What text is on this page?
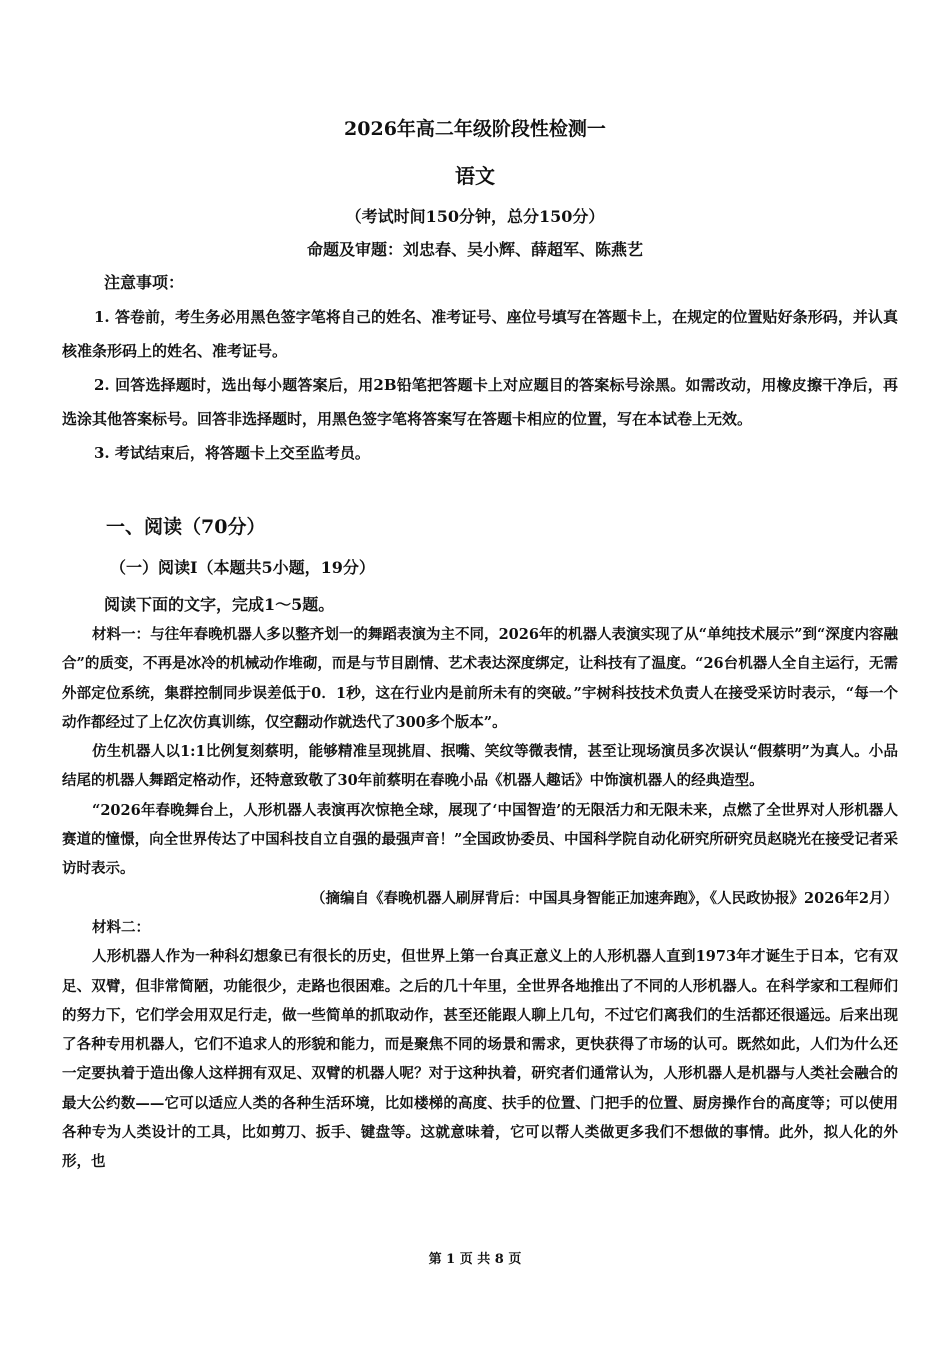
2026年高二年级阶段性检测一
语文
（考试时间150分钟，总分150分）
命题及审题：刘忠春、吴小辉、薛超军、陈燕艺
注意事项：

1. 答卷前，考生务必用黑色签字笔将自己的姓名、准考证号、座位号填写在答题卡上，在规定的位置贴好条形码，并认真核准条形码上的姓名、准考证号。

2. 回答选择题时，选出每小题答案后，用2B铅笔把答题卡上对应题目的答案标号涂黑。如需改动，用橡皮擦干净后，再选涂其他答案标号。回答非选择题时，用黑色签字笔将答案写在答题卡相应的位置，写在本试卷上无效。

3. 考试结束后，将答题卡上交至监考员。

一、阅读（70分）
（一）阅读Ⅰ（本题共5小题，19分）
阅读下面的文字，完成1～5题。

材料一：与往年春晚机器人多以整齐划一的舞蹈表演为主不同，2026年的机器人表演实现了从“单纯技术展示”到“深度内容融合”的质变，不再是冰冷的机械动作堆砌，而是与节目剧情、艺术表达深度绑定，让科技有了温度。“26台机器人全自主运行，无需外部定位系统，集群控制同步误差低于0．1秒，这在行业内是前所未有的突破。”宇树科技技术负责人在接受采访时表示，“每一个动作都经过了上亿次仿真训练，仅空翻动作就迭代了300多个版本”。

仿生机器人以1:1比例复刻蔡明，能够精准呈现挑眉、抿嘴、笑纹等微表情，甚至让现场演员多次误认“假蔡明”为真人。小品结尾的机器人舞蹈定格动作，还特意致敬了30年前蔡明在春晚小品《机器人趣话》中饰演机器人的经典造型。

“2026年春晚舞台上，人形机器人表演再次惊艳全球，展现了‘中国智造’的无限活力和无限未来，点燃了全世界对人形机器人赛道的憧憬，向全世界传达了中国科技自立自强的最强声音！”全国政协委员、中国科学院自动化研究所研究员赵晓光在接受记者采访时表示。

（摘编自《春晚机器人刷屏背后：中国具身智能正加速奔跑》，《人民政协报》2026年2月）

材料二：

人形机器人作为一种科幻想象已有很长的历史，但世界上第一台真正意义上的人形机器人直到1973年才诞生于日本，它有双足、双臂，但非常简陋，功能很少，走路也很困难。之后的几十年里，全世界各地推出了不同的人形机器人。在科学家和工程师们的努力下，它们学会用双足行走，做一些简单的抓取动作，甚至还能跟人聊上几句，不过它们离我们的生活都还很遥远。后来出现了各种专用机器人，它们不追求人的形貌和能力，而是聚焦不同的场景和需求，更快获得了市场的认可。既然如此，人们为什么还一定要执着于造出像人这样拥有双足、双臂的机器人呢？对于这种执着，研究者们通常认为，人形机器人是机器与人类社会融合的最大公约数——它可以适应人类的各种生活环境，比如楼梯的高度、扶手的位置、门把手的位置、厨房操作台的高度等；可以使用各种专为人类设计的工具，比如剪刀、扳手、键盘等。这就意味着，它可以帮人类做更多我们不想做的事情。此外，拟人化的外形，也

第 1 页 共 8 页
